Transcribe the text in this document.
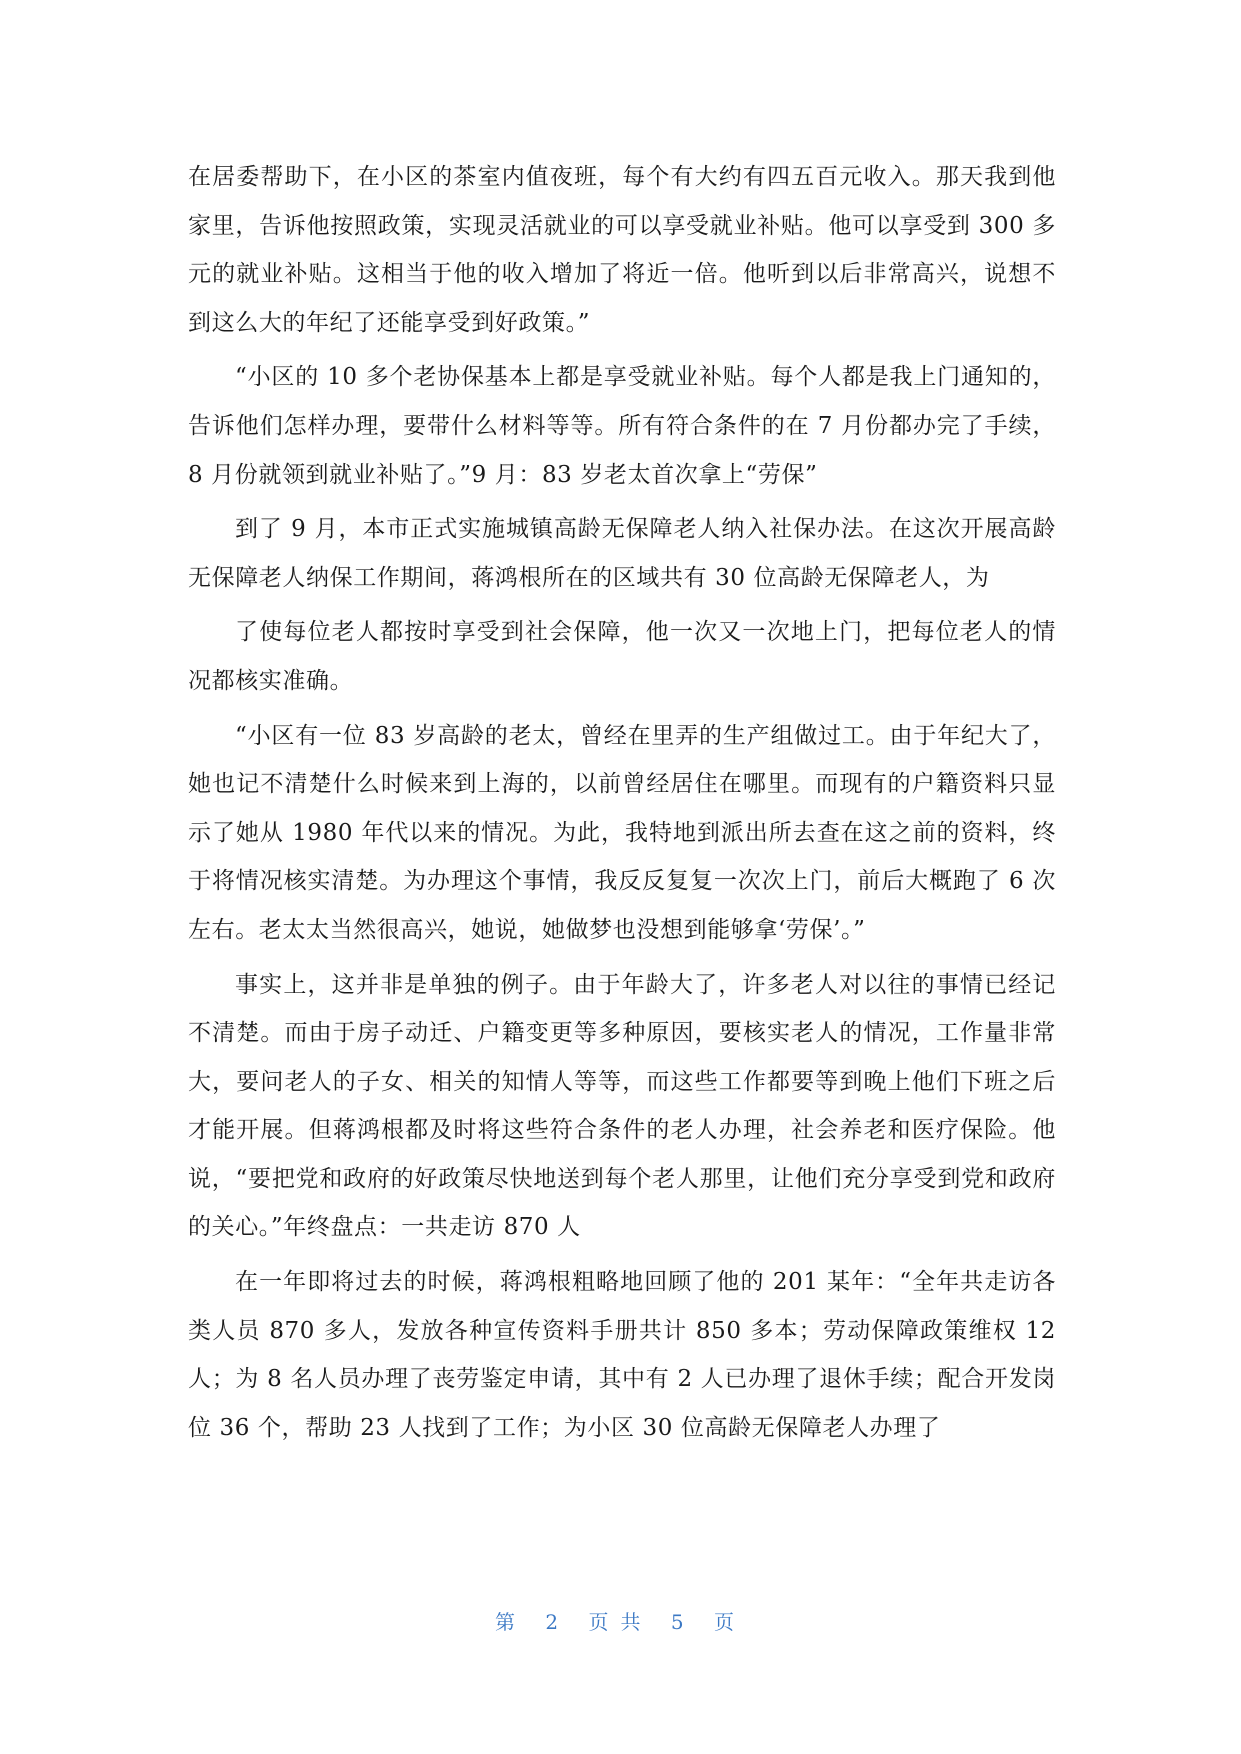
在居委帮助下，在小区的茶室内值夜班，每个有大约有四五百元收入。那天我到他家里，告诉他按照政策，实现灵活就业的可以享受就业补贴。他可以享受到 300 多元的就业补贴。这相当于他的收入增加了将近一倍。他听到以后非常高兴，说想不到这么大的年纪了还能享受到好政策。”

“小区的 10 多个老协保基本上都是享受就业补贴。每个人都是我上门通知的，告诉他们怎样办理，要带什么材料等等。所有符合条件的在 7 月份都办完了手续，8 月份就领到就业补贴了。”9 月：83 岁老太首次拿上“劳保”

到了 9 月，本市正式实施城镇高龄无保障老人纳入社保办法。在这次开展高龄无保障老人纳保工作期间，蒋鸿根所在的区域共有 30 位高龄无保障老人，为

了使每位老人都按时享受到社会保障，他一次又一次地上门，把每位老人的情况都核实准确。

“小区有一位 83 岁高龄的老太，曾经在里弄的生产组做过工。由于年纪大了，她也记不清楚什么时候来到上海的，以前曾经居住在哪里。而现有的户籍资料只显示了她从 1980 年代以来的情况。为此，我特地到派出所去查在这之前的资料，终于将情况核实清楚。为办理这个事情，我反反复复一次次上门，前后大概跑了 6 次左右。老太太当然很高兴，她说，她做梦也没想到能够拿‘劳保’。”

事实上，这并非是单独的例子。由于年龄大了，许多老人对以往的事情已经记不清楚。而由于房子动迁、户籍变更等多种原因，要核实老人的情况，工作量非常大，要问老人的子女、相关的知情人等等，而这些工作都要等到晚上他们下班之后才能开展。但蒋鸿根都及时将这些符合条件的老人办理，社会养老和医疗保险。他说，“要把党和政府的好政策尽快地送到每个老人那里，让他们充分享受到党和政府的关心。”年终盘点：一共走访 870 人

在一年即将过去的时候，蒋鸿根粗略地回顾了他的 201 某年：“全年共走访各类人员 870 多人，发放各种宣传资料手册共计 850 多本；劳动保障政策维权 12 人；为 8 名人员办理了丧劳鉴定申请，其中有 2 人已办理了退休手续；配合开发岗位 36 个，帮助 23 人找到了工作；为小区 30 位高龄无保障老人办理了

第 2 页共 5 页
